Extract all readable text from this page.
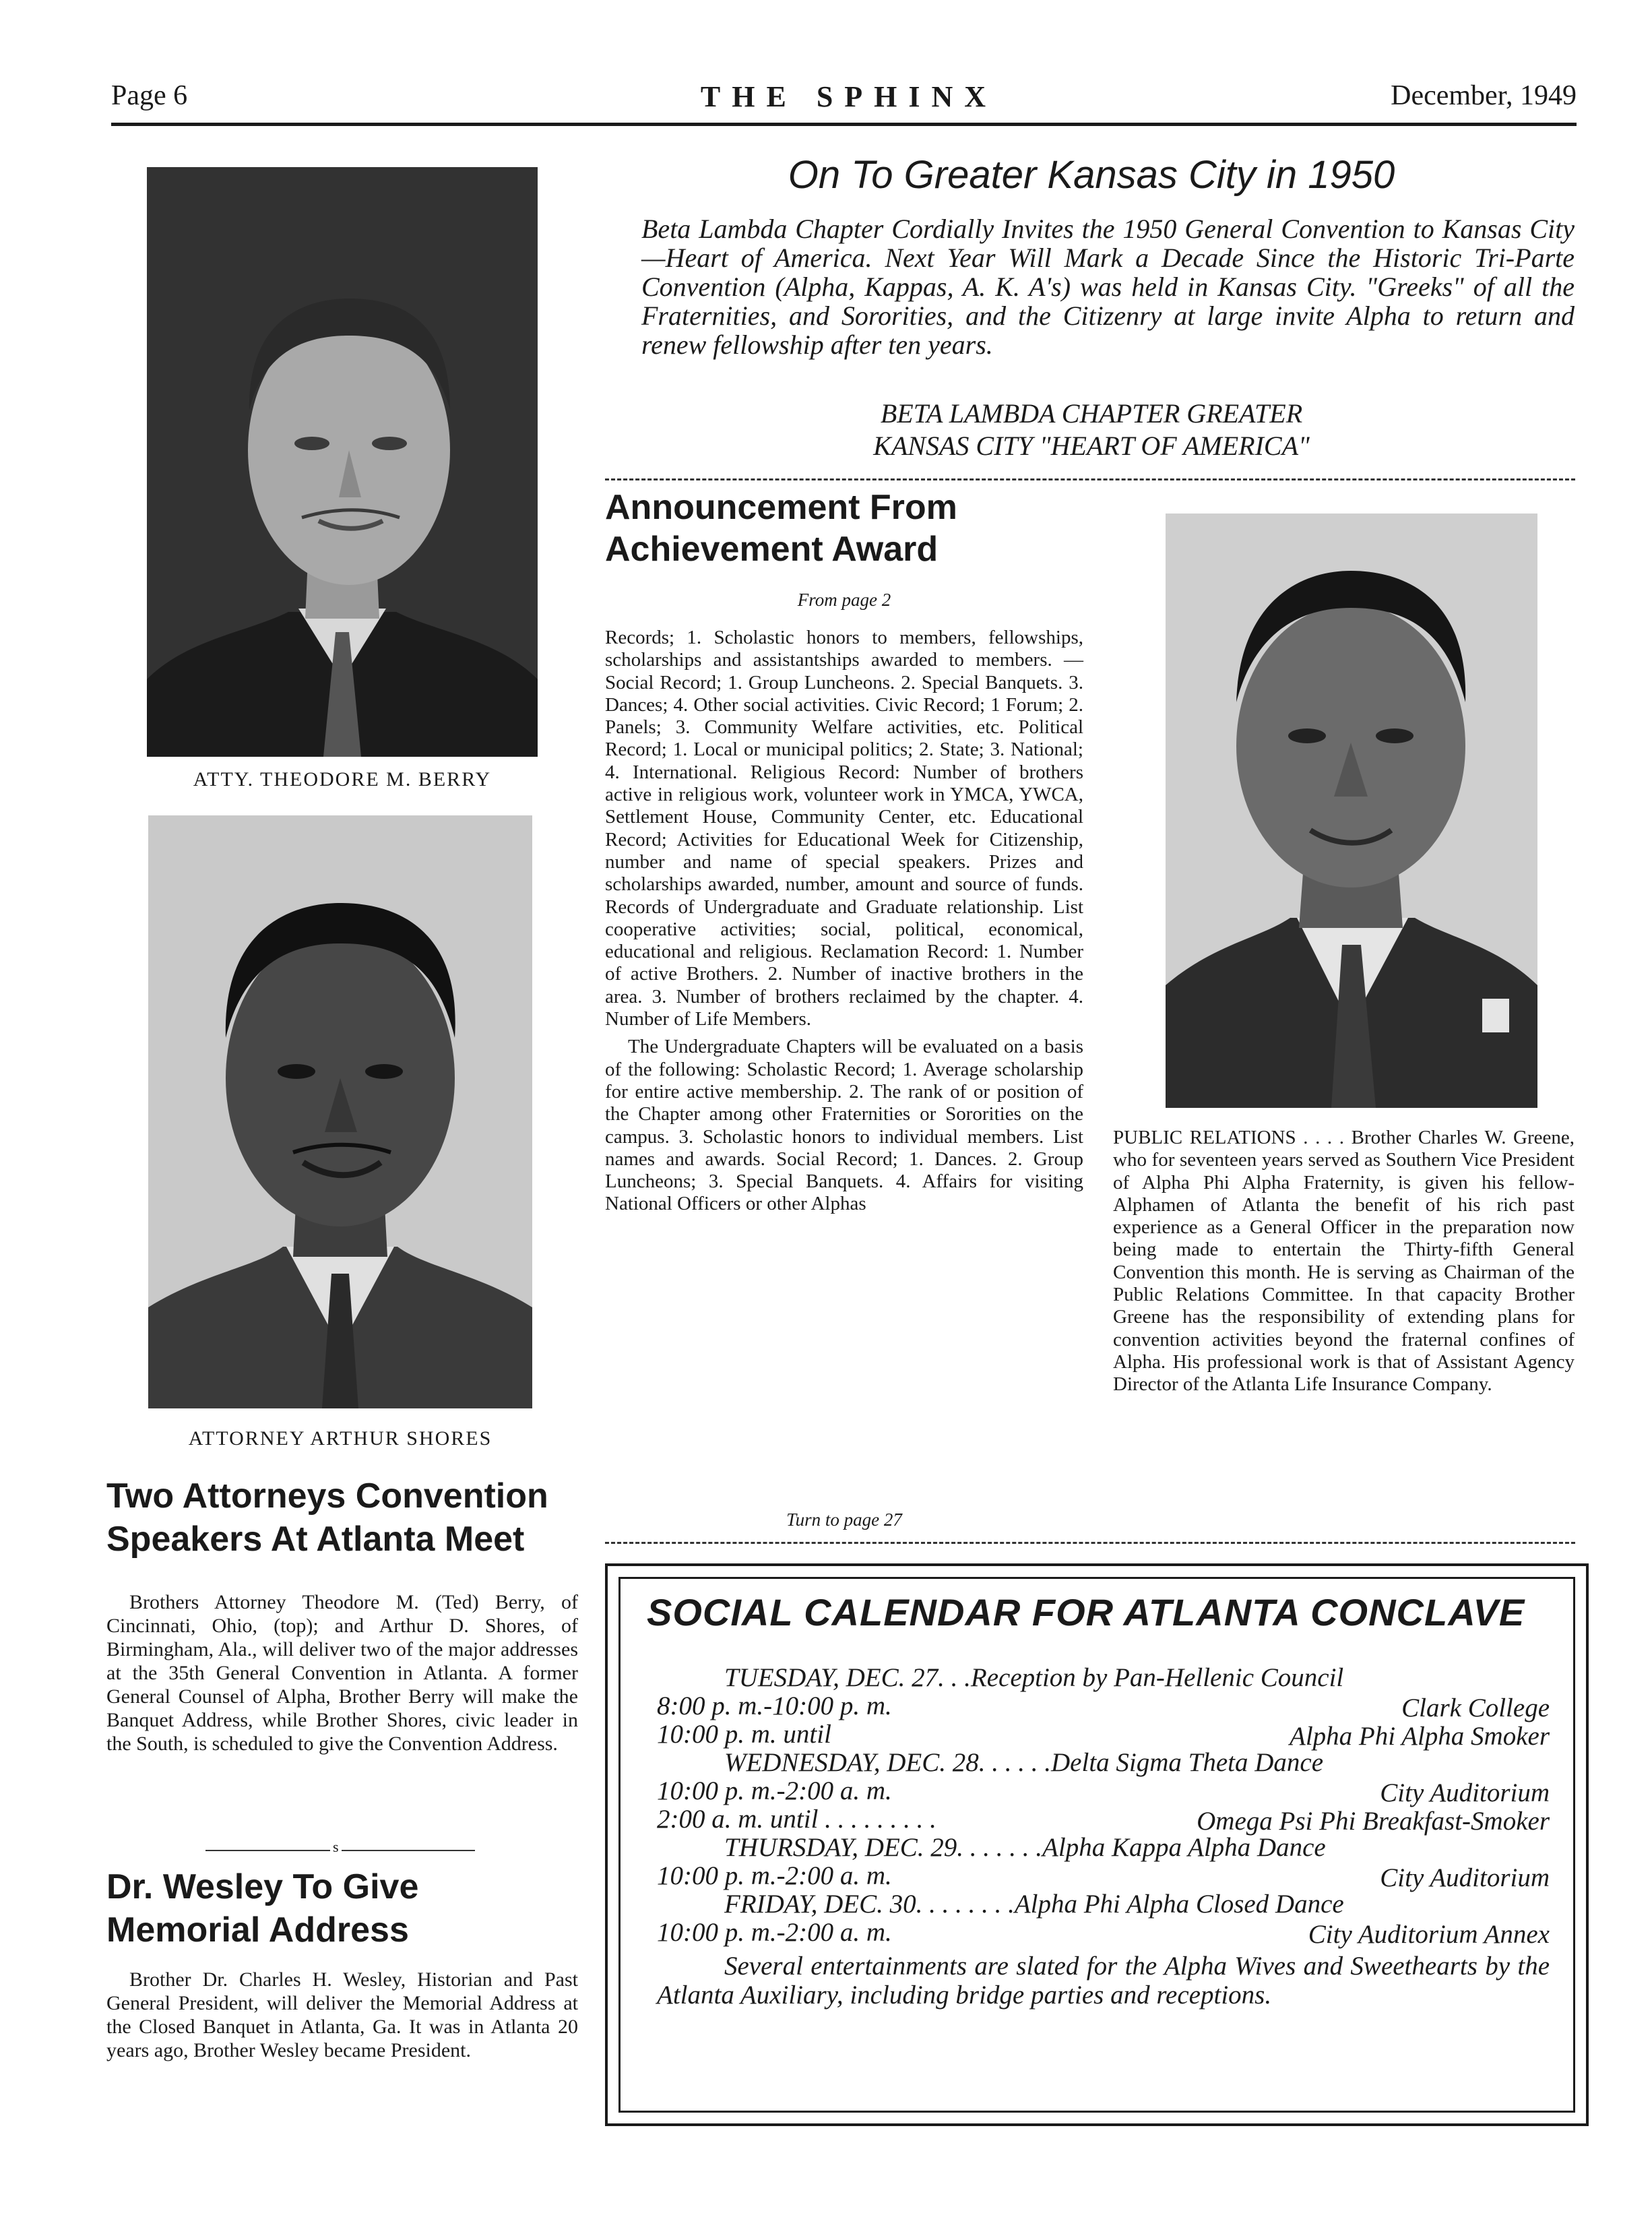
Page 6	THE SPHINX	December, 1949
ATTY. THEODORE M. BERRY
ATTORNEY ARTHUR SHORES
Two Attorneys Convention
Speakers At Atlanta Meet

Brothers Attorney Theodore M. (Ted) Berry, of Cincinnati, Ohio, (top); and Arthur D. Shores, of Birmingham, Ala., will deliver two of the major addresses at the 35th General Convention in Atlanta. A former General Counsel of Alpha, Brother Berry will make the Banquet Address, while Brother Shores, civic leader in the South, is scheduled to give the Convention Address.

s
Dr. Wesley To Give
Memorial Address

Brother Dr. Charles H. Wesley, Historian and Past General President, will deliver the Memorial Address at the Closed Banquet in Atlanta, Ga. It was in Atlanta 20 years ago, Brother Wesley became President.

On To Greater Kansas City in 1950
Beta Lambda Chapter Cordially Invites the 1950 General Convention to Kansas City—Heart of America. Next Year Will Mark a Decade Since the Historic Tri-Parte Convention (Alpha, Kappas, A. K. A's) was held in Kansas City. "Greeks" of all the Fraternities, and Sororities, and the Citizenry at large invite Alpha to return and renew fellowship after ten years.
BETA LAMBDA CHAPTER GREATER
KANSAS CITY "HEART OF AMERICA"
Announcement From
Achievement Award
From page 2

Records; 1. Scholastic honors to members, fellowships, scholarships and assistantships awarded to members. —Social Record; 1. Group Luncheons. 2. Special Banquets. 3. Dances; 4. Other social activities. Civic Record; 1 Forum; 2. Panels; 3. Community Welfare activities, etc. Political Record; 1. Local or municipal politics; 2. State; 3. National; 4. International. Religious Record: Number of brothers active in religious work, volunteer work in YMCA, YWCA, Settlement House, Community Center, etc. Educational Record; Activities for Educational Week for Citizenship, number and name of special speakers. Prizes and scholarships awarded, number, amount and source of funds. Records of Undergraduate and Graduate relationship. List cooperative activities; social, political, economical, educational and religious. Reclamation Record: 1. Number of active Brothers. 2. Number of inactive brothers in the area. 3. Number of brothers reclaimed by the chapter. 4. Number of Life Members.

The Undergraduate Chapters will be evaluated on a basis of the following: Scholastic Record; 1. Average scholarship for entire active membership. 2. The rank of or position of the Chapter among other Fraternities or Sororities on the campus. 3. Scholastic honors to individual members. List names and awards. Social Record; 1. Dances. 2. Group Luncheons; 3. Special Banquets. 4. Affairs for visiting National Officers or other Alphas

Turn to page 27

PUBLIC RELATIONS . . . . Brother Charles W. Greene, who for seventeen years served as Southern Vice President of Alpha Phi Alpha Fraternity, is given his fellow-Alphamen of Atlanta the benefit of his rich past experience as a General Officer in the preparation now being made to entertain the Thirty-fifth General Convention this month. He is serving as Chairman of the Public Relations Committee. In that capacity Brother Greene has the responsibility of extending plans for convention activities beyond the fraternal confines of Alpha. His professional work is that of Assistant Agency Director of the Atlanta Life Insurance Company.

SOCIAL CALENDAR FOR ATLANTA CONCLAVE
TUESDAY, DEC. 27. . .Reception by Pan-Hellenic Council
8:00 p. m.-10:00 p. m.	Clark College
10:00 p. m. until	Alpha Phi Alpha Smoker
WEDNESDAY, DEC. 28. . . . . .Delta Sigma Theta Dance
10:00 p. m.-2:00 a. m.	City Auditorium
2:00 a. m. until . . . . . . . . .	Omega Psi Phi Breakfast-Smoker
THURSDAY, DEC. 29. . . . . . .Alpha Kappa Alpha Dance
10:00 p. m.-2:00 a. m.	City Auditorium
FRIDAY, DEC. 30. . . . . . . .Alpha Phi Alpha Closed Dance
10:00 p. m.-2:00 a. m.	City Auditorium Annex
Several entertainments are slated for the Alpha Wives and Sweethearts by the Atlanta Auxiliary, including bridge parties and receptions.
